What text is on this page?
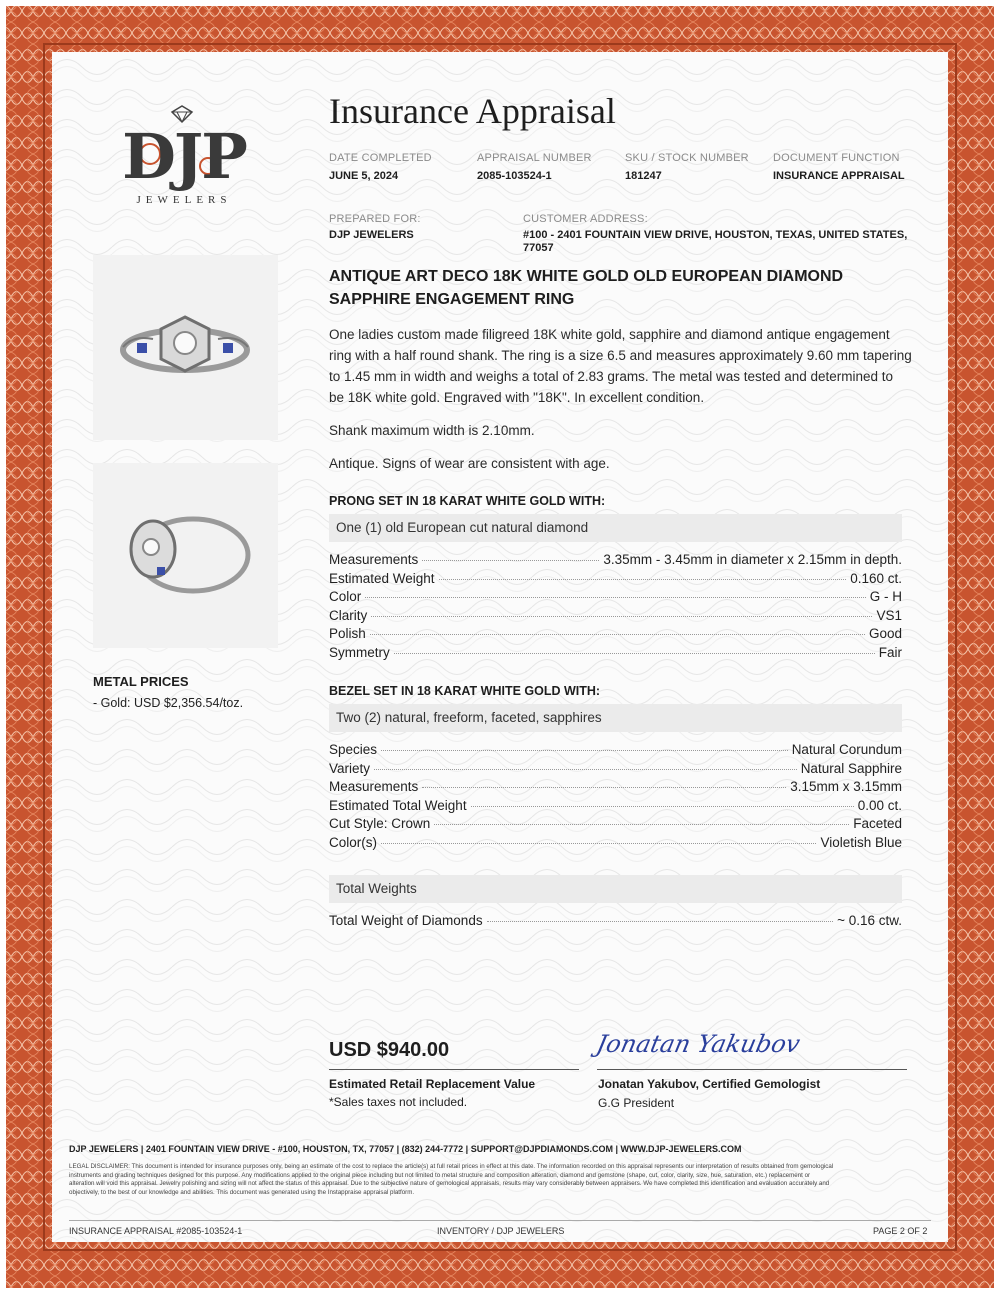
DJP
JEWELERS
Insurance Appraisal
DATE COMPLETED
JUNE 5, 2024
APPRAISAL NUMBER
2085-103524-1
SKU / STOCK NUMBER
181247
DOCUMENT FUNCTION
INSURANCE APPRAISAL
PREPARED FOR:
DJP JEWELERS
CUSTOMER ADDRESS:
#100 - 2401 FOUNTAIN VIEW DRIVE, HOUSTON, TEXAS, UNITED STATES,
77057
METAL PRICES
- Gold: USD $2,356.54/toz.
ANTIQUE ART DECO 18K WHITE GOLD OLD EUROPEAN DIAMOND
SAPPHIRE ENGAGEMENT RING
One ladies custom made filigreed 18K white gold, sapphire and diamond antique engagement
ring with a half round shank. The ring is a size 6.5 and measures approximately 9.60 mm tapering
to 1.45 mm in width and weighs a total of 2.83 grams. The metal was tested and determined to
be 18K white gold. Engraved with "18K". In excellent condition.
Shank maximum width is 2.10mm.
Antique. Signs of wear are consistent with age.
PRONG SET IN 18 KARAT WHITE GOLD WITH:
One (1) old European cut natural diamond
Measurements	3.35mm - 3.45mm in diameter x 2.15mm in depth.
Estimated Weight	0.160 ct.
Color	G - H
Clarity	VS1
Polish	Good
Symmetry	Fair
BEZEL SET IN 18 KARAT WHITE GOLD WITH:
Two (2) natural, freeform, faceted, sapphires
Species	Natural Corundum
Variety	Natural Sapphire
Measurements	3.15mm x 3.15mm
Estimated Total Weight	0.00 ct.
Cut Style: Crown	Faceted
Color(s)	Violetish Blue
Total Weights
Total Weight of Diamonds	~ 0.16 ctw.
USD $940.00
Estimated Retail Replacement Value
*Sales taxes not included.
Jonatan Yakubov
Jonatan Yakubov, Certified Gemologist
G.G President
DJP JEWELERS | 2401 FOUNTAIN VIEW DRIVE - #100, HOUSTON, TX, 77057 | (832) 244-7772 | SUPPORT@DJPDIAMONDS.COM | WWW.DJP-JEWELERS.COM
LEGAL DISCLAIMER: This document is intended for insurance purposes only, being an estimate of the cost to replace the article(s) at full retail prices in effect at this date. The information recorded on this appraisal represents our interpretation of results obtained from gemological
instruments and grading techniques designed for this purpose. Any modifications applied to the original piece including but not limited to metal structure and composition alteration, diamond and gemstone (shape, cut, color, clarity, size, hue, saturation, etc.) replacement or
alteration will void this appraisal. Jewelry polishing and sizing will not affect the status of this appraisal. Due to the subjective nature of gemological appraisals, results may vary considerably between appraisers. We have completed this identification and evaluation accurately and
objectively, to the best of our knowledge and abilities. This document was generated using the Instappraise appraisal platform.
INSURANCE APPRAISAL #2085-103524-1	INVENTORY / DJP JEWELERS	PAGE 2 OF 2
